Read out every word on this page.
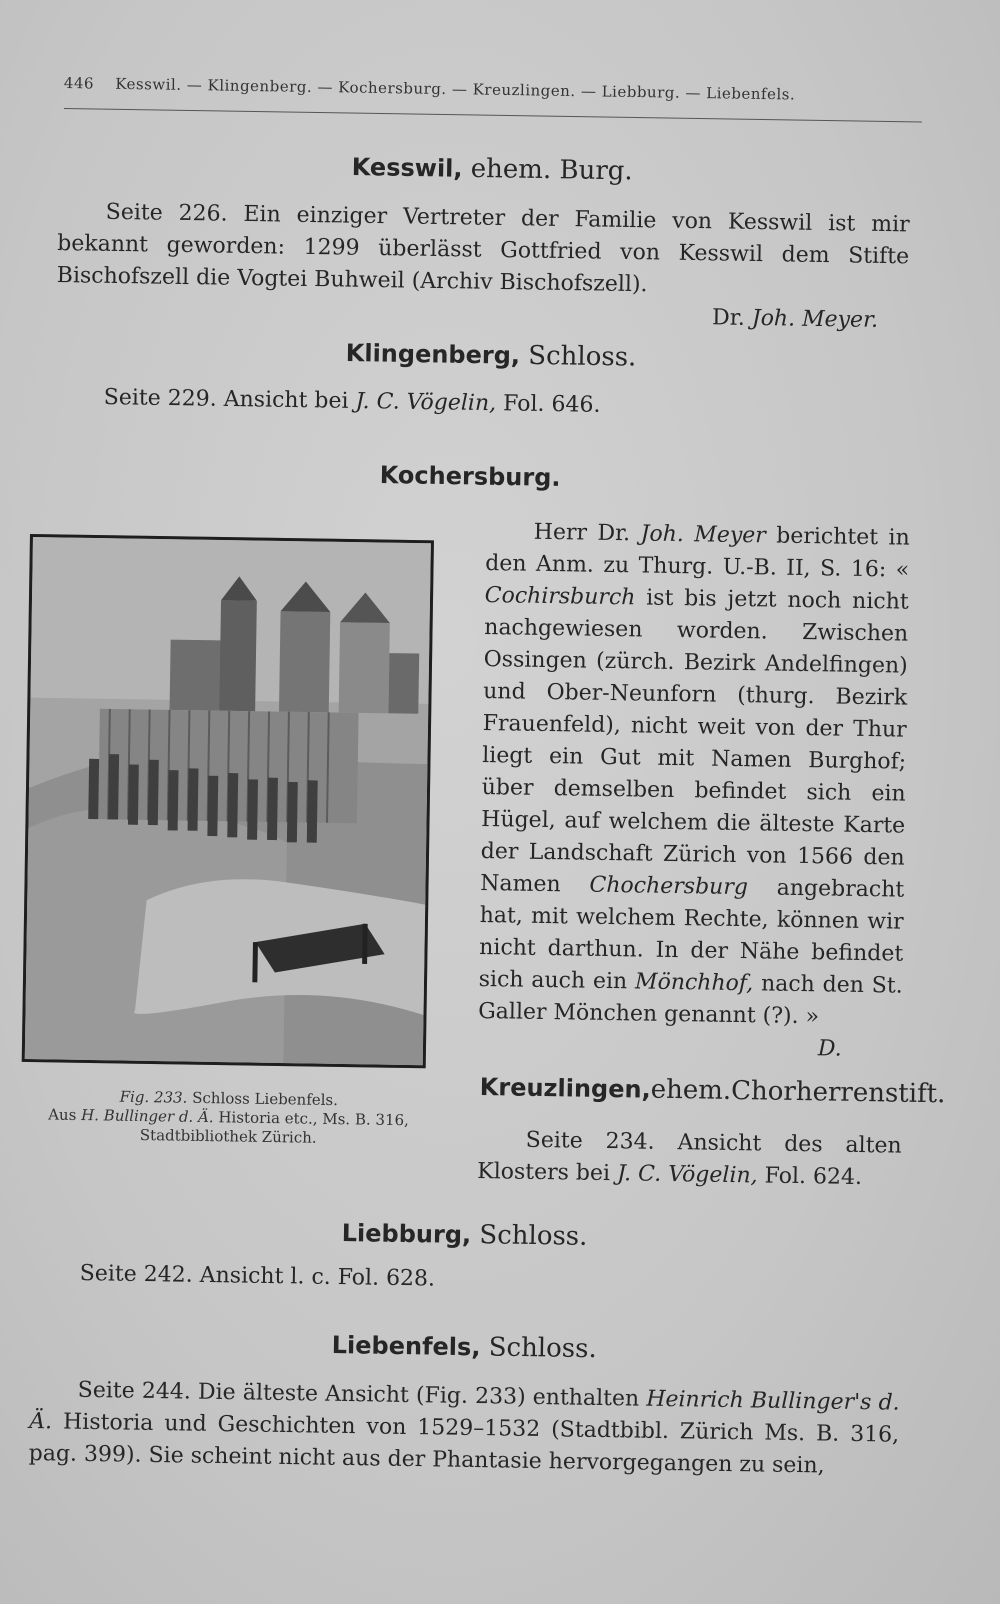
446 Kesswil. — Klingenberg. — Kochersburg. — Kreuzlingen. — Liebburg. — Liebenfels.
Kesswil, ehem. Burg.
Seite 226. Ein einziger Vertreter der Familie von Kesswil ist mir bekannt geworden: 1299 überlässt Gottfried von Kesswil dem Stifte Bischofszell die Vogtei Buhweil (Archiv Bischofszell).
Dr. Joh. Meyer.
Klingenberg, Schloss.
Seite 229. Ansicht bei J. C. Vögelin, Fol. 646.
Kochersburg.
Herr Dr. Joh. Meyer berichtet in den Anm. zu Thurg. U.-B. II, S. 16: « Cochirsburch ist bis jetzt noch nicht nachgewiesen worden. Zwischen Ossingen (zürch. Bezirk Andelfingen) und Ober-Neunforn (thurg. Bezirk Frauenfeld), nicht weit von der Thur liegt ein Gut mit Namen Burghof; über demselben befindet sich ein Hügel, auf welchem die älteste Karte der Landschaft Zürich von 1566 den Namen Chochersburg angebracht hat, mit welchem Rechte, können wir nicht darthun. In der Nähe befindet sich auch ein Mönchhof, nach den St. Galler Mönchen genannt (?). »
D.
Fig. 233. Schloss Liebenfels.
Aus H. Bullinger d. Ä. Historia etc., Ms. B. 316,
Stadtbibliothek Zürich.
Kreuzlingen,ehem.Chorherrenstift.
Seite 234. Ansicht des alten Klosters bei J. C. Vögelin, Fol. 624.
Liebburg, Schloss.
Seite 242. Ansicht l. c. Fol. 628.
Liebenfels, Schloss.
Seite 244. Die älteste Ansicht (Fig. 233) enthalten Heinrich Bullinger's d. Ä. Historia und Geschichten von 1529–1532 (Stadtbibl. Zürich Ms. B. 316, pag. 399). Sie scheint nicht aus der Phantasie hervorgegangen zu sein,
